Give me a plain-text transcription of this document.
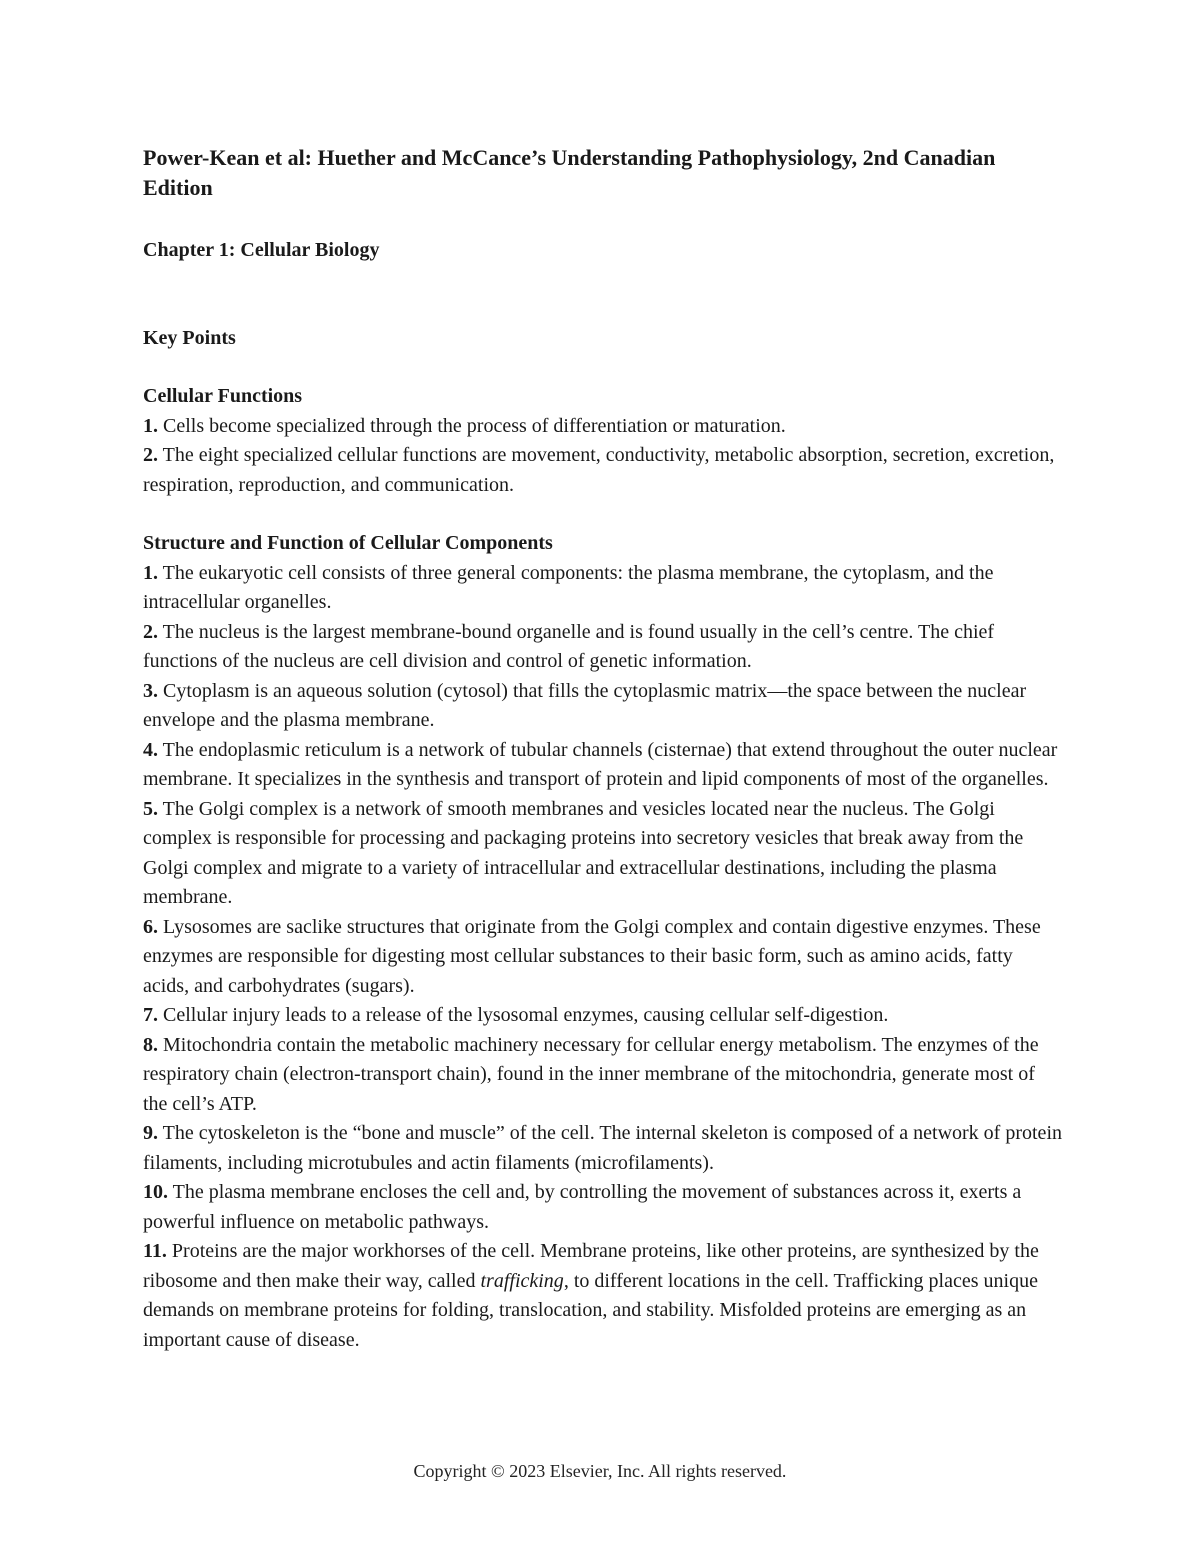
Power-Kean et al: Huether and McCance’s Understanding Pathophysiology, 2nd Canadian Edition
Chapter 1: Cellular Biology
Key Points

Cellular Functions

1. Cells become specialized through the process of differentiation or maturation.

2. The eight specialized cellular functions are movement, conductivity, metabolic absorption, secretion, excretion, respiration, reproduction, and communication.

Structure and Function of Cellular Components

1. The eukaryotic cell consists of three general components: the plasma membrane, the cytoplasm, and the intracellular organelles.

2. The nucleus is the largest membrane-bound organelle and is found usually in the cell’s centre. The chief functions of the nucleus are cell division and control of genetic information.

3. Cytoplasm is an aqueous solution (cytosol) that fills the cytoplasmic matrix—the space between the nuclear envelope and the plasma membrane.

4. The endoplasmic reticulum is a network of tubular channels (cisternae) that extend throughout the outer nuclear membrane. It specializes in the synthesis and transport of protein and lipid components of most of the organelles.

5. The Golgi complex is a network of smooth membranes and vesicles located near the nucleus. The Golgi complex is responsible for processing and packaging proteins into secretory vesicles that break away from the Golgi complex and migrate to a variety of intracellular and extracellular destinations, including the plasma membrane.

6. Lysosomes are saclike structures that originate from the Golgi complex and contain digestive enzymes. These enzymes are responsible for digesting most cellular substances to their basic form, such as amino acids, fatty acids, and carbohydrates (sugars).

7. Cellular injury leads to a release of the lysosomal enzymes, causing cellular self-digestion.

8. Mitochondria contain the metabolic machinery necessary for cellular energy metabolism. The enzymes of the respiratory chain (electron-transport chain), found in the inner membrane of the mitochondria, generate most of the cell’s ATP.

9. The cytoskeleton is the “bone and muscle” of the cell. The internal skeleton is composed of a network of protein filaments, including microtubules and actin filaments (microfilaments).

10. The plasma membrane encloses the cell and, by controlling the movement of substances across it, exerts a powerful influence on metabolic pathways.

11. Proteins are the major workhorses of the cell. Membrane proteins, like other proteins, are synthesized by the ribosome and then make their way, called trafficking, to different locations in the cell. Trafficking places unique demands on membrane proteins for folding, translocation, and stability. Misfolded proteins are emerging as an important cause of disease.

Copyright © 2023 Elsevier, Inc. All rights reserved.
